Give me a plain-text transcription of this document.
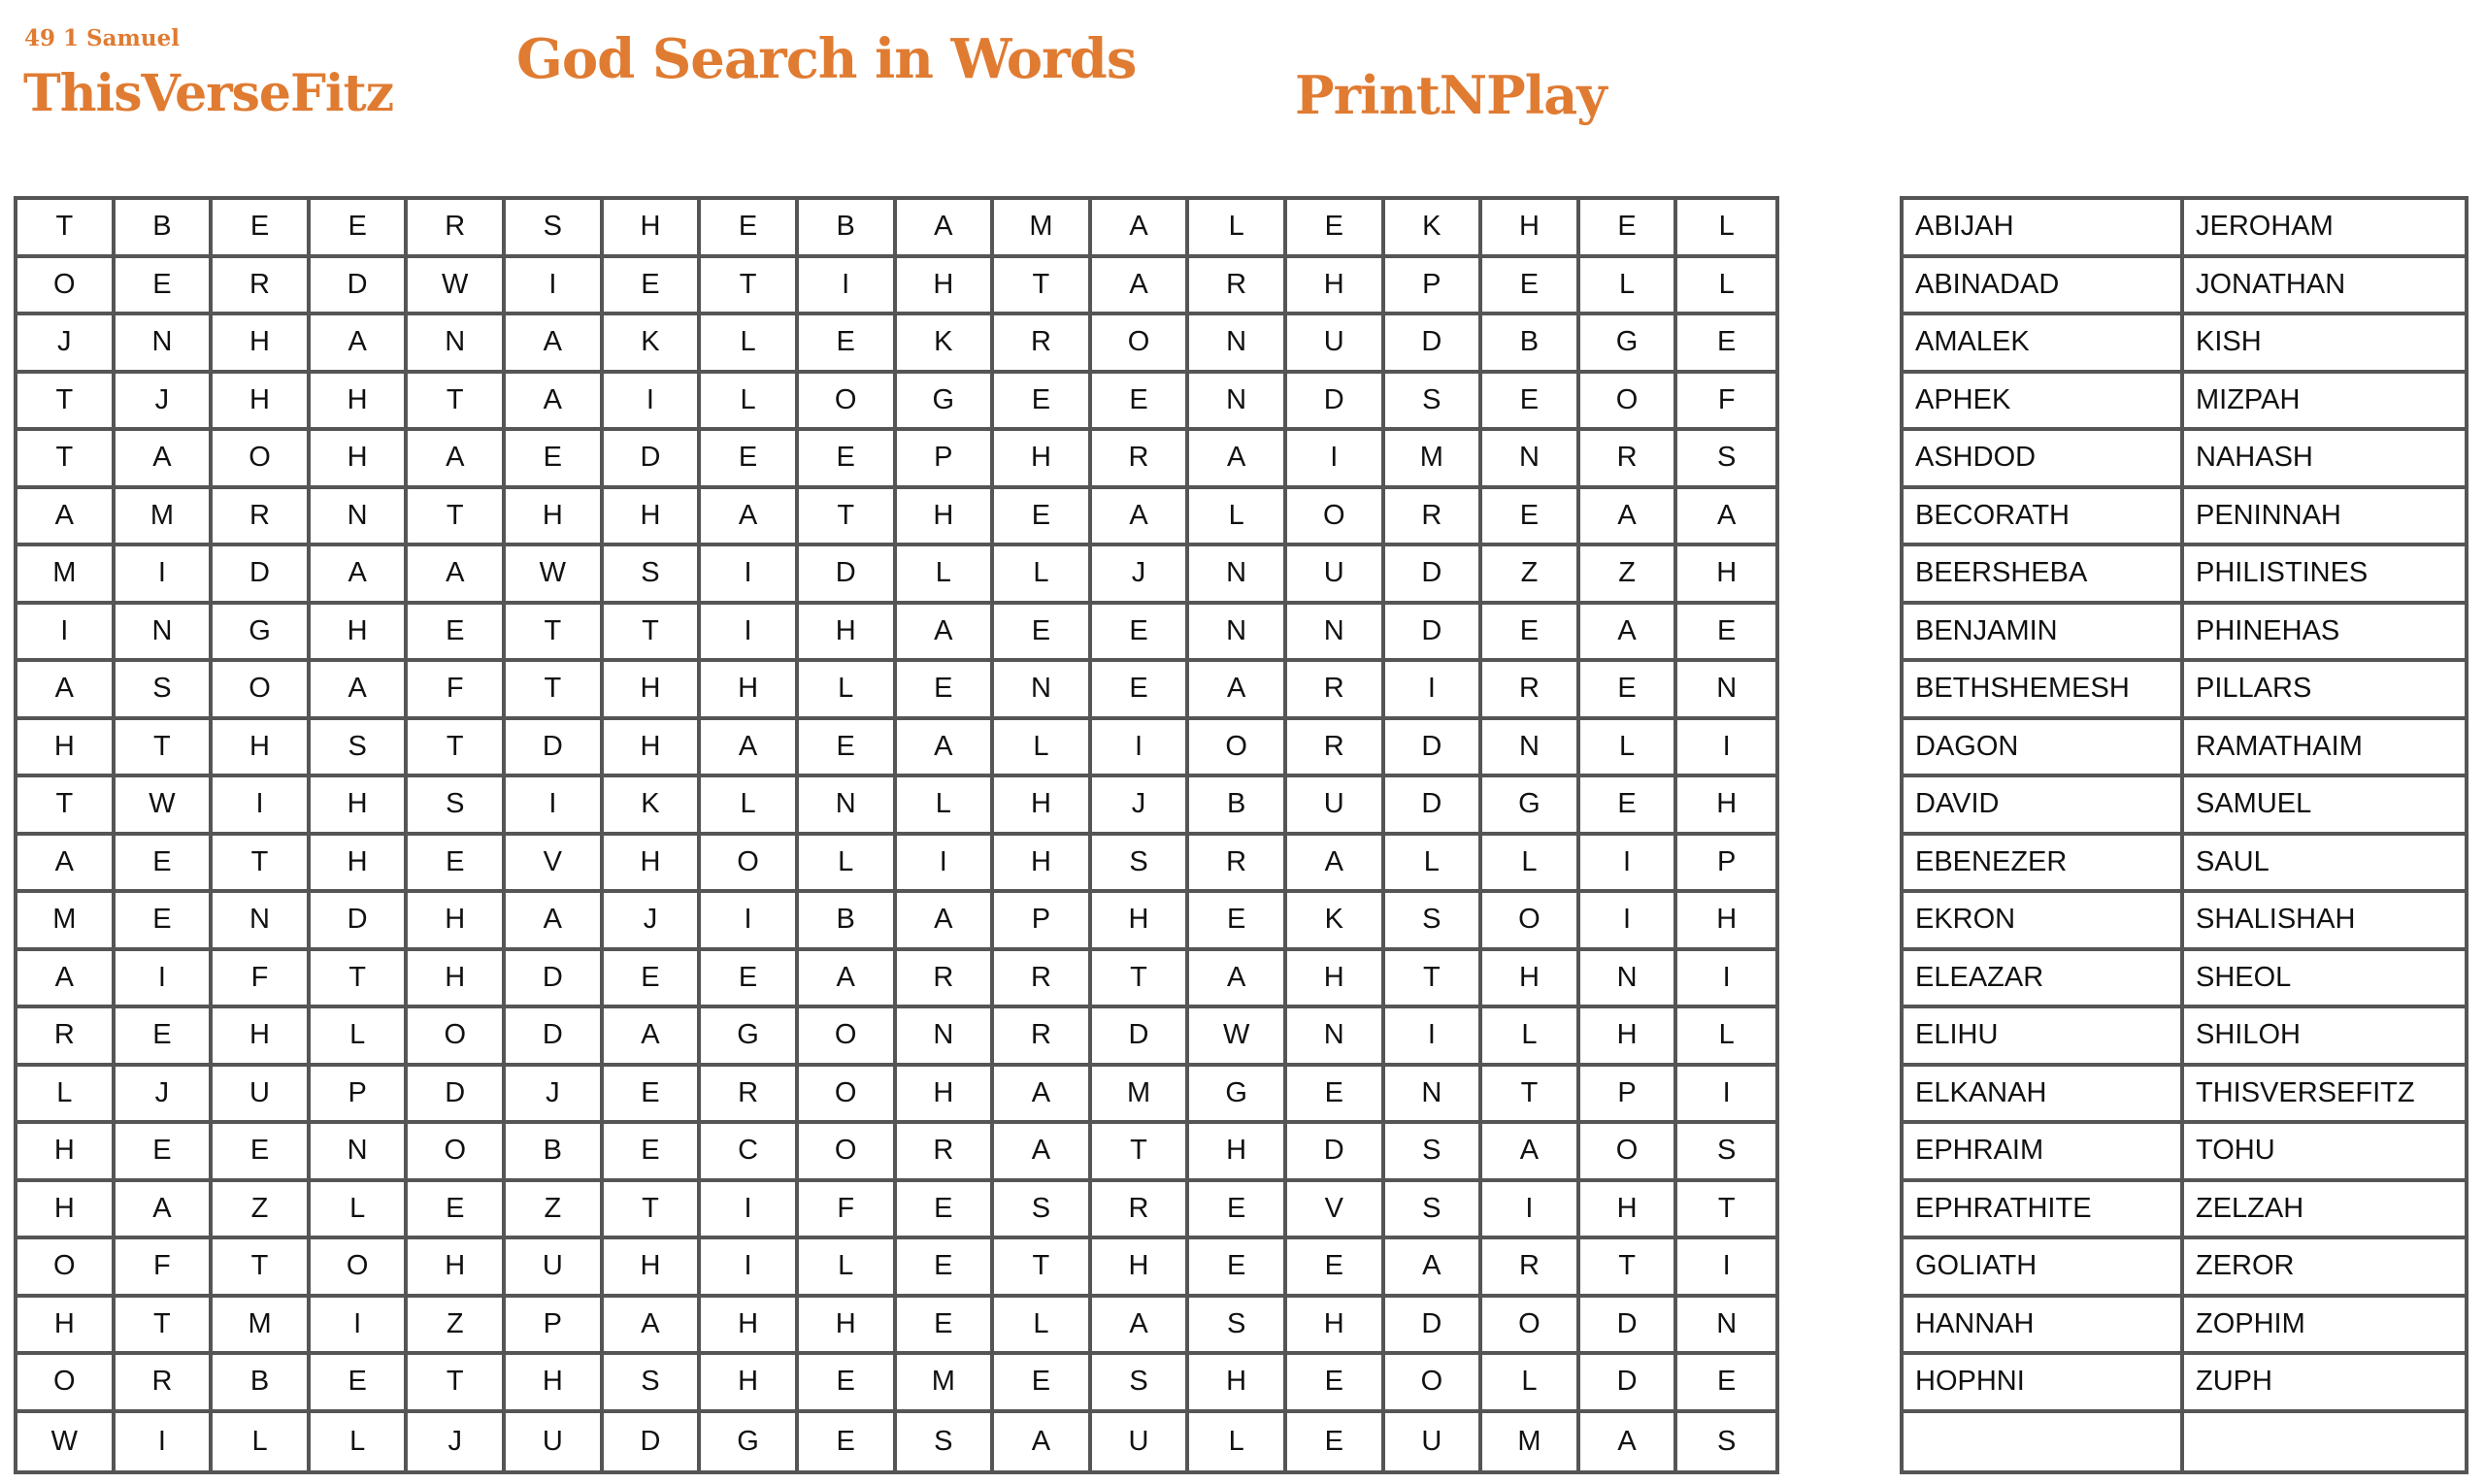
49 1 Samuel
ThisVerseFitz
God Search in Words
PrintNPlay
T	B	E	E	R	S	H	E	B	A	M	A	L	E	K	H	E	L
O	E	R	D	W	I	E	T	I	H	T	A	R	H	P	E	L	L
J	N	H	A	N	A	K	L	E	K	R	O	N	U	D	B	G	E
T	J	H	H	T	A	I	L	O	G	E	E	N	D	S	E	O	F
T	A	O	H	A	E	D	E	E	P	H	R	A	I	M	N	R	S
A	M	R	N	T	H	H	A	T	H	E	A	L	O	R	E	A	A
M	I	D	A	A	W	S	I	D	L	L	J	N	U	D	Z	Z	H
I	N	G	H	E	T	T	I	H	A	E	E	N	N	D	E	A	E
A	S	O	A	F	T	H	H	L	E	N	E	A	R	I	R	E	N
H	T	H	S	T	D	H	A	E	A	L	I	O	R	D	N	L	I
T	W	I	H	S	I	K	L	N	L	H	J	B	U	D	G	E	H
A	E	T	H	E	V	H	O	L	I	H	S	R	A	L	L	I	P
M	E	N	D	H	A	J	I	B	A	P	H	E	K	S	O	I	H
A	I	F	T	H	D	E	E	A	R	R	T	A	H	T	H	N	I
R	E	H	L	O	D	A	G	O	N	R	D	W	N	I	L	H	L
L	J	U	P	D	J	E	R	O	H	A	M	G	E	N	T	P	I
H	E	E	N	O	B	E	C	O	R	A	T	H	D	S	A	O	S
H	A	Z	L	E	Z	T	I	F	E	S	R	E	V	S	I	H	T
O	F	T	O	H	U	H	I	L	E	T	H	E	E	A	R	T	I
H	T	M	I	Z	P	A	H	H	E	L	A	S	H	D	O	D	N
O	R	B	E	T	H	S	H	E	M	E	S	H	E	O	L	D	E
W	I	L	L	J	U	D	G	E	S	A	U	L	E	U	M	A	S
ABIJAH	JEROHAM
ABINADAD	JONATHAN
AMALEK	KISH
APHEK	MIZPAH
ASHDOD	NAHASH
BECORATH	PENINNAH
BEERSHEBA	PHILISTINES
BENJAMIN	PHINEHAS
BETHSHEMESH	PILLARS
DAGON	RAMATHAIM
DAVID	SAMUEL
EBENEZER	SAUL
EKRON	SHALISHAH
ELEAZAR	SHEOL
ELIHU	SHILOH
ELKANAH	THISVERSEFITZ
EPHRAIM	TOHU
EPHRATHITE	ZELZAH
GOLIATH	ZEROR
HANNAH	ZOPHIM
HOPHNI	ZUPH
